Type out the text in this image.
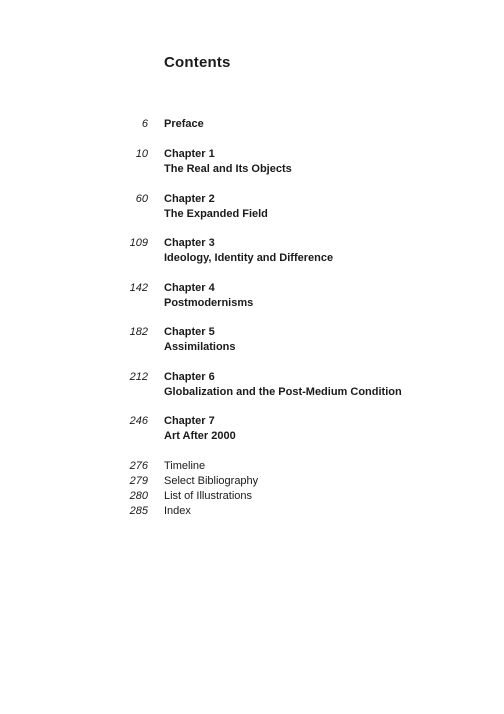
Contents
6 Preface
10 Chapter 1
The Real and Its Objects
60 Chapter 2
The Expanded Field
109 Chapter 3
Ideology, Identity and Difference
142 Chapter 4
Postmodernisms
182 Chapter 5
Assimilations
212 Chapter 6
Globalization and the Post-Medium Condition
246 Chapter 7
Art After 2000
276 Timeline
279 Select Bibliography
280 List of Illustrations
285 Index
